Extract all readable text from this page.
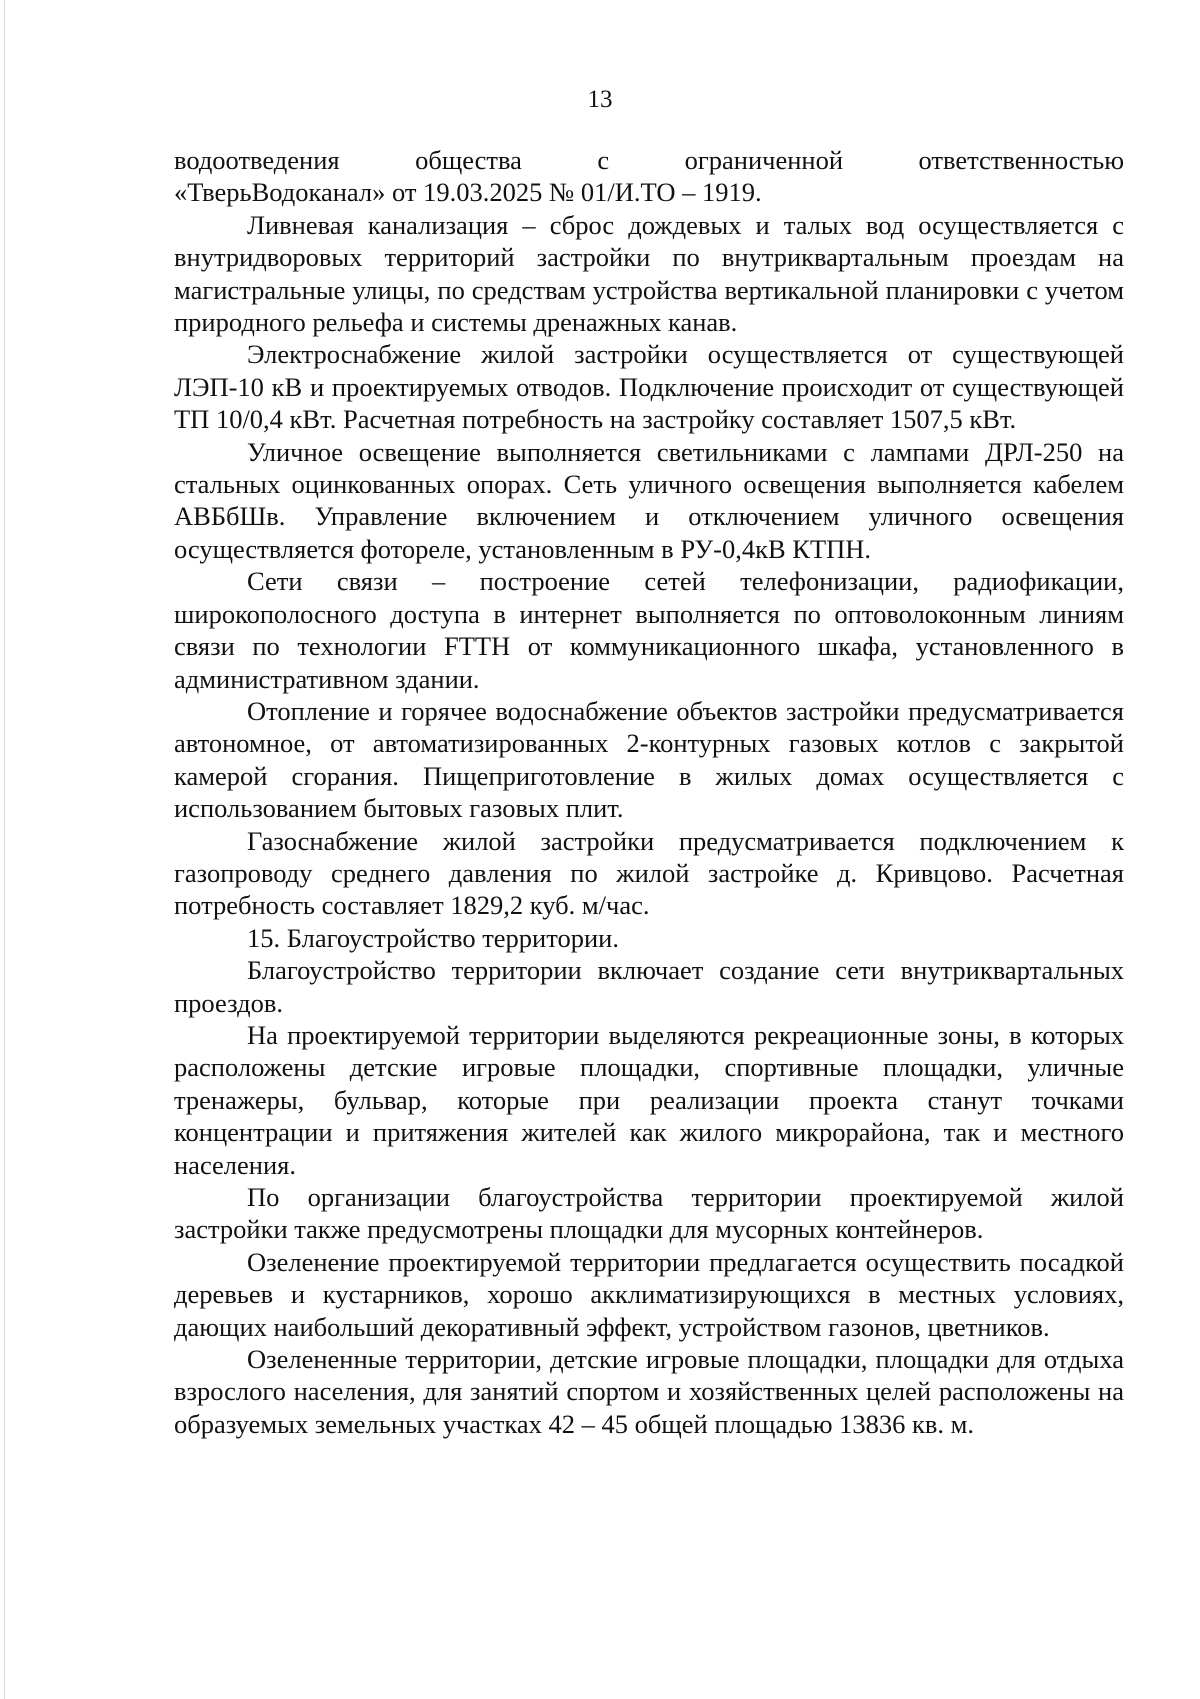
13

водоотведения общества с ограниченной ответственностью
«ТверьВодоканал» от 19.03.2025 № 01/И.ТО – 1919.

Ливневая канализация – сброс дождевых и талых вод осуществляется с внутридворовых территорий застройки по внутриквартальным проездам на магистральные улицы, по средствам устройства вертикальной планировки с учетом природного рельефа и системы дренажных канав.

Электроснабжение жилой застройки осуществляется от существующей ЛЭП-10 кВ и проектируемых отводов. Подключение происходит от существующей ТП 10/0,4 кВт. Расчетная потребность на застройку составляет 1507,5 кВт.

Уличное освещение выполняется светильниками с лампами ДРЛ-250 на стальных оцинкованных опорах. Сеть уличного освещения выполняется кабелем АВБбШв. Управление включением и отключением уличного освещения осуществляется фотореле, установленным в РУ-0,4кВ КТПН.

Сети связи – построение сетей телефонизации, радиофикации, широкополосного доступа в интернет выполняется по оптоволоконным линиям связи по технологии FTTH от коммуникационного шкафа, установленного в административном здании.

Отопление и горячее водоснабжение объектов застройки предусматривается автономное, от автоматизированных 2-контурных газовых котлов с закрытой камерой сгорания. Пищеприготовление в жилых домах осуществляется с использованием бытовых газовых плит.

Газоснабжение жилой застройки предусматривается подключением к газопроводу среднего давления по жилой застройке д. Кривцово. Расчетная потребность составляет 1829,2 куб. м/час.

15. Благоустройство территории.

Благоустройство территории включает создание сети внутриквартальных проездов.

На проектируемой территории выделяются рекреационные зоны, в которых расположены детские игровые площадки, спортивные площадки, уличные тренажеры, бульвар, которые при реализации проекта станут точками концентрации и притяжения жителей как жилого микрорайона, так и местного населения.

По организации благоустройства территории проектируемой жилой застройки также предусмотрены площадки для мусорных контейнеров.

Озеленение проектируемой территории предлагается осуществить посадкой деревьев и кустарников, хорошо акклиматизирующихся в местных условиях, дающих наибольший декоративный эффект, устройством газонов, цветников.

Озелененные территории, детские игровые площадки, площадки для отдыха взрослого населения, для занятий спортом и хозяйственных целей расположены на образуемых земельных участках 42 – 45 общей площадью 13836 кв. м.
